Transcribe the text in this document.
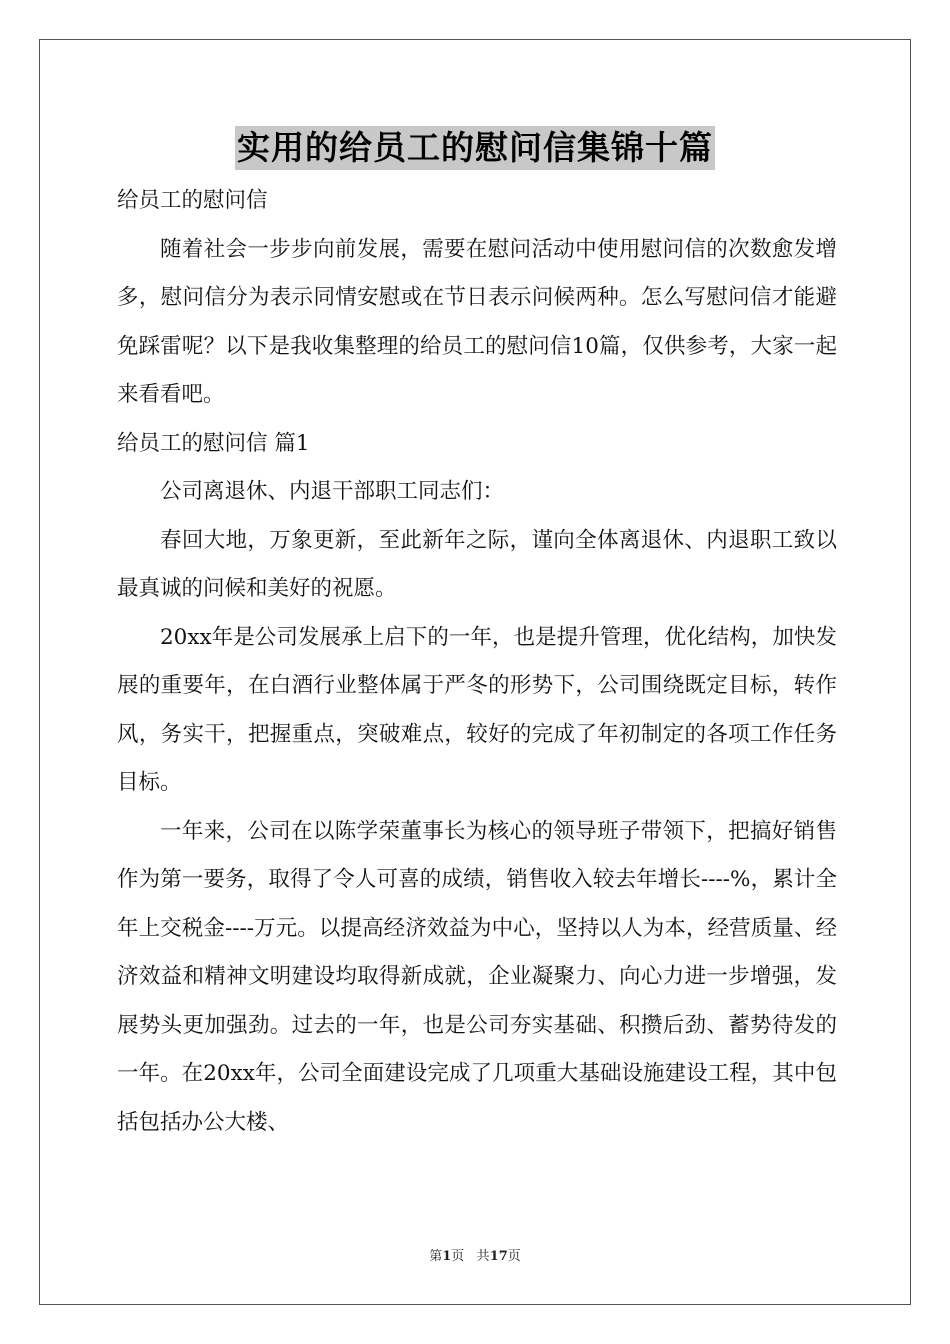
实用的给员工的慰问信集锦十篇

给员工的慰问信

随着社会一步步向前发展，需要在慰问活动中使用慰问信的次数愈发增多，慰问信分为表示同情安慰或在节日表示问候两种。怎么写慰问信才能避免踩雷呢？以下是我收集整理的给员工的慰问信10篇，仅供参考，大家一起来看看吧。

给员工的慰问信 篇1

公司离退休、内退干部职工同志们：

春回大地，万象更新，至此新年之际，谨向全体离退休、内退职工致以最真诚的问候和美好的祝愿。

20xx年是公司发展承上启下的一年，也是提升管理，优化结构，加快发展的重要年，在白酒行业整体属于严冬的形势下，公司围绕既定目标，转作风，务实干，把握重点，突破难点，较好的完成了年初制定的各项工作任务目标。

一年来，公司在以陈学荣董事长为核心的领导班子带领下，把搞好销售作为第一要务，取得了令人可喜的成绩，销售收入较去年增长----%，累计全年上交税金----万元。以提高经济效益为中心，坚持以人为本，经营质量、经济效益和精神文明建设均取得新成就，企业凝聚力、向心力进一步增强，发展势头更加强劲。过去的一年，也是公司夯实基础、积攒后劲、蓄势待发的一年。在20xx年，公司全面建设完成了几项重大基础设施建设工程，其中包括包括办公大楼、

第1页 共17页
